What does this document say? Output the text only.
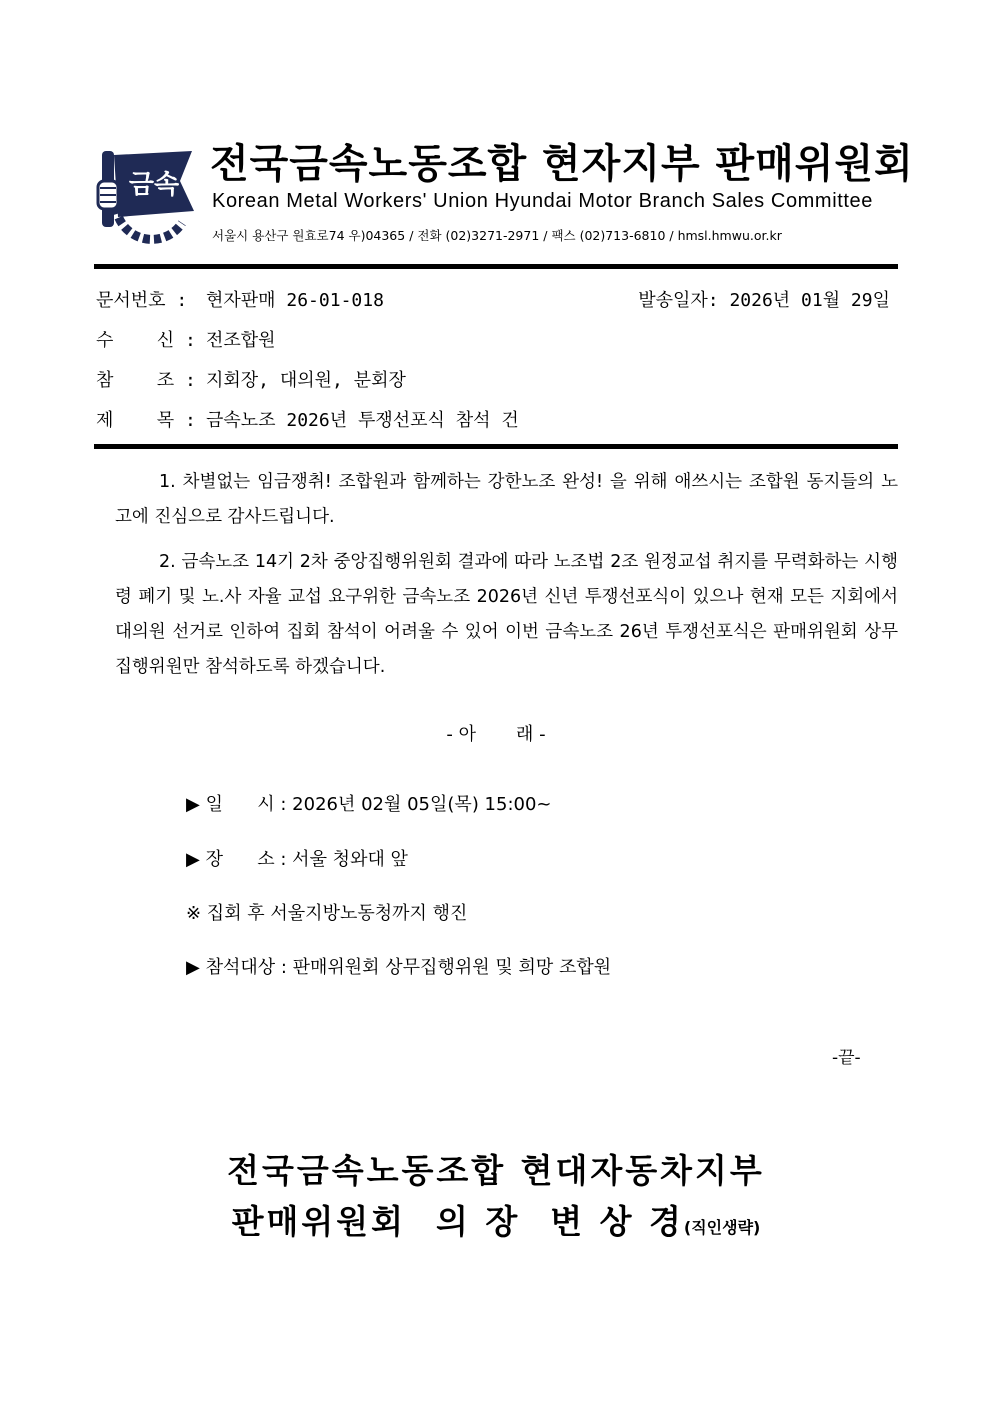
금속 전국금속노동조합 현자지부 판매위원회
Korean Metal Workers' Union Hyundai Motor Branch Sales Committee
서울시 용산구 원효로74 우)04365 / 전화 (02)3271-2971 / 팩스 (02)713-6810 / hmsl.hmwu.or.kr
문서번호 : 현자판매 26-01-018	발송일자: 2026년 01월 29일
수    신 : 전조합원
참    조 : 지회장, 대의원, 분회장
제    목 : 금속노조 2026년 투쟁선포식 참석 건
1. 차별없는 임금쟁취! 조합원과 함께하는 강한노조 완성! 을 위해 애쓰시는 조합원 동지들의 노고에 진심으로 감사드립니다.
2. 금속노조 14기 2차 중앙집행위원회 결과에 따라 노조법 2조 원정교섭 취지를 무력화하는 시행령 폐기 및 노.사 자율 교섭 요구위한 금속노조 2026년 신년 투쟁선포식이 있으나 현재 모든 지회에서 대의원 선거로 인하여 집회 참석이 어려울 수 있어 이번 금속노조 26년 투쟁선포식은 판매위원회 상무집행위원만 참석하도록 하겠습니다.
- 아       래 -
▶ 일      시 : 2026년 02월 05일(목) 15:00~
▶ 장      소 : 서울 청와대 앞
※ 집회 후 서울지방노동청까지 행진
▶ 참석대상 : 판매위원회 상무집행위원 및 희망 조합원
-끝-
전국금속노동조합 현대자동차지부
판매위원회 의 장 변 상 경(직인생략)
